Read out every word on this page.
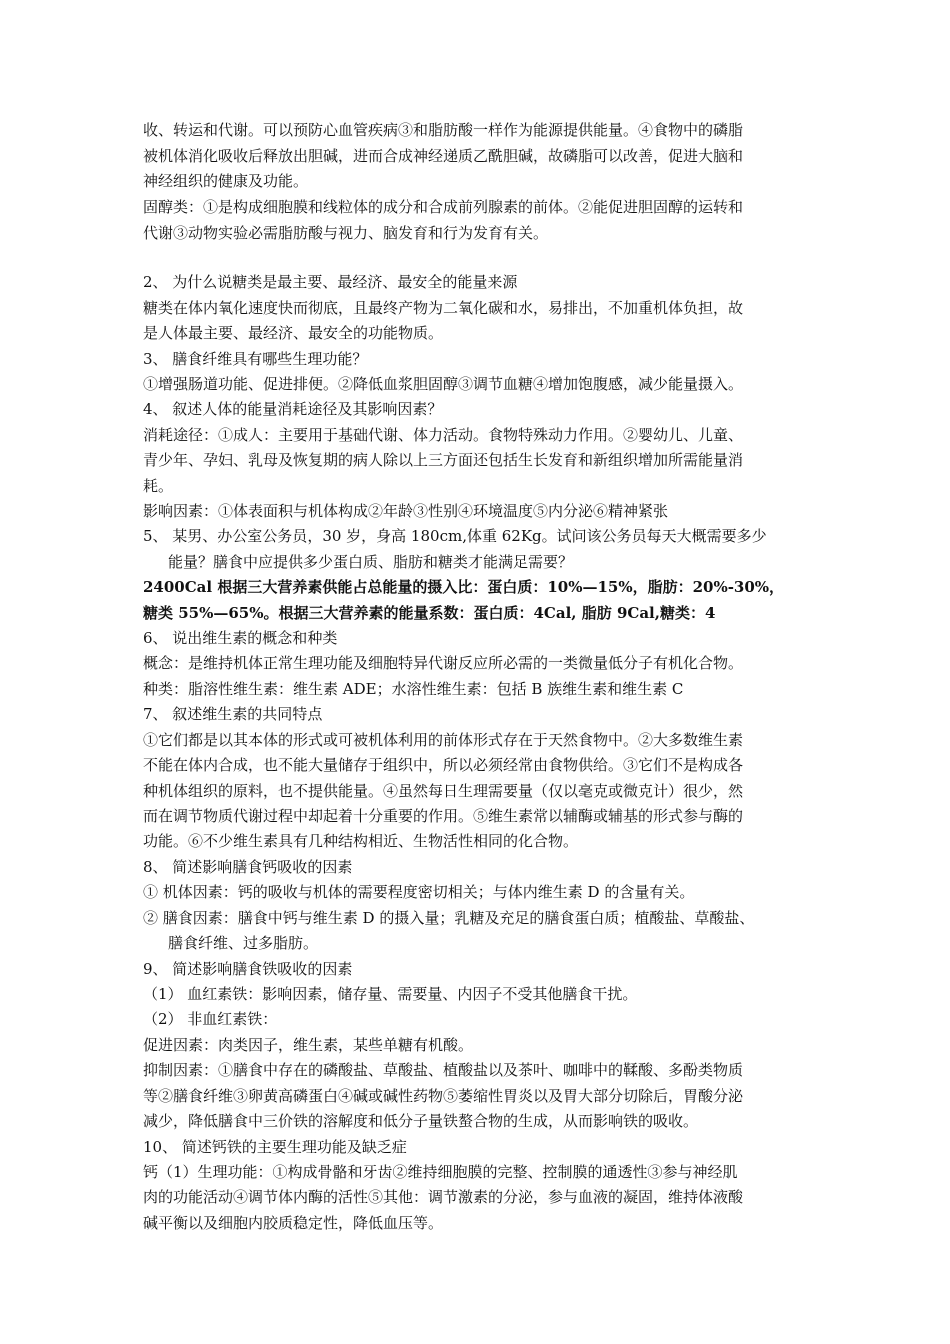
收、转运和代谢。可以预防心血管疾病③和脂肪酸一样作为能源提供能量。④食物中的磷脂
被机体消化吸收后释放出胆碱，进而合成神经递质乙酰胆碱，故磷脂可以改善，促进大脑和
神经组织的健康及功能。
固醇类：①是构成细胞膜和线粒体的成分和合成前列腺素的前体。②能促进胆固醇的运转和
代谢③动物实验必需脂肪酸与视力、脑发育和行为发育有关。
2、 为什么说糖类是最主要、最经济、最安全的能量来源
糖类在体内氧化速度快而彻底，且最终产物为二氧化碳和水，易排出，不加重机体负担，故
是人体最主要、最经济、最安全的功能物质。
3、 膳食纤维具有哪些生理功能？
①增强肠道功能、促进排便。②降低血浆胆固醇③调节血糖④增加饱腹感，减少能量摄入。
4、 叙述人体的能量消耗途径及其影响因素？
消耗途径：①成人：主要用于基础代谢、体力活动。食物特殊动力作用。②婴幼儿、儿童、
青少年、孕妇、乳母及恢复期的病人除以上三方面还包括生长发育和新组织增加所需能量消
耗。
影响因素：①体表面积与机体构成②年龄③性别④环境温度⑤内分泌⑥精神紧张
5、 某男、办公室公务员，30 岁，身高 180cm,体重 62Kg。试问该公务员每天大概需要多少
能量？膳食中应提供多少蛋白质、脂肪和糖类才能满足需要？
2400Cal 根据三大营养素供能占总能量的摄入比：蛋白质：10%—15%，脂肪：20%-30%，
糖类 55%—65%。根据三大营养素的能量系数：蛋白质：4Cal, 脂肪 9Cal,糖类：4
6、 说出维生素的概念和种类
概念：是维持机体正常生理功能及细胞特异代谢反应所必需的一类微量低分子有机化合物。
种类：脂溶性维生素：维生素 ADE；水溶性维生素：包括 B 族维生素和维生素 C
7、 叙述维生素的共同特点
①它们都是以其本体的形式或可被机体利用的前体形式存在于天然食物中。②大多数维生素
不能在体内合成，也不能大量储存于组织中，所以必须经常由食物供给。③它们不是构成各
种机体组织的原料，也不提供能量。④虽然每日生理需要量（仅以毫克或微克计）很少，然
而在调节物质代谢过程中却起着十分重要的作用。⑤维生素常以辅酶或辅基的形式参与酶的
功能。⑥不少维生素具有几种结构相近、生物活性相同的化合物。
8、 简述影响膳食钙吸收的因素
① 机体因素：钙的吸收与机体的需要程度密切相关；与体内维生素 D 的含量有关。
② 膳食因素：膳食中钙与维生素 D 的摄入量；乳糖及充足的膳食蛋白质；植酸盐、草酸盐、
膳食纤维、过多脂肪。
9、 简述影响膳食铁吸收的因素
（1） 血红素铁：影响因素，储存量、需要量、内因子不受其他膳食干扰。
（2） 非血红素铁：
促进因素：肉类因子，维生素，某些单糖有机酸。
抑制因素：①膳食中存在的磷酸盐、草酸盐、植酸盐以及茶叶、咖啡中的鞣酸、多酚类物质
等②膳食纤维③卵黄高磷蛋白④碱或碱性药物⑤萎缩性胃炎以及胃大部分切除后，胃酸分泌
减少，降低膳食中三价铁的溶解度和低分子量铁螯合物的生成，从而影响铁的吸收。
10、 简述钙铁的主要生理功能及缺乏症
钙（1）生理功能：①构成骨骼和牙齿②维持细胞膜的完整、控制膜的通透性③参与神经肌
肉的功能活动④调节体内酶的活性⑤其他：调节激素的分泌，参与血液的凝固，维持体液酸
碱平衡以及细胞内胶质稳定性，降低血压等。
